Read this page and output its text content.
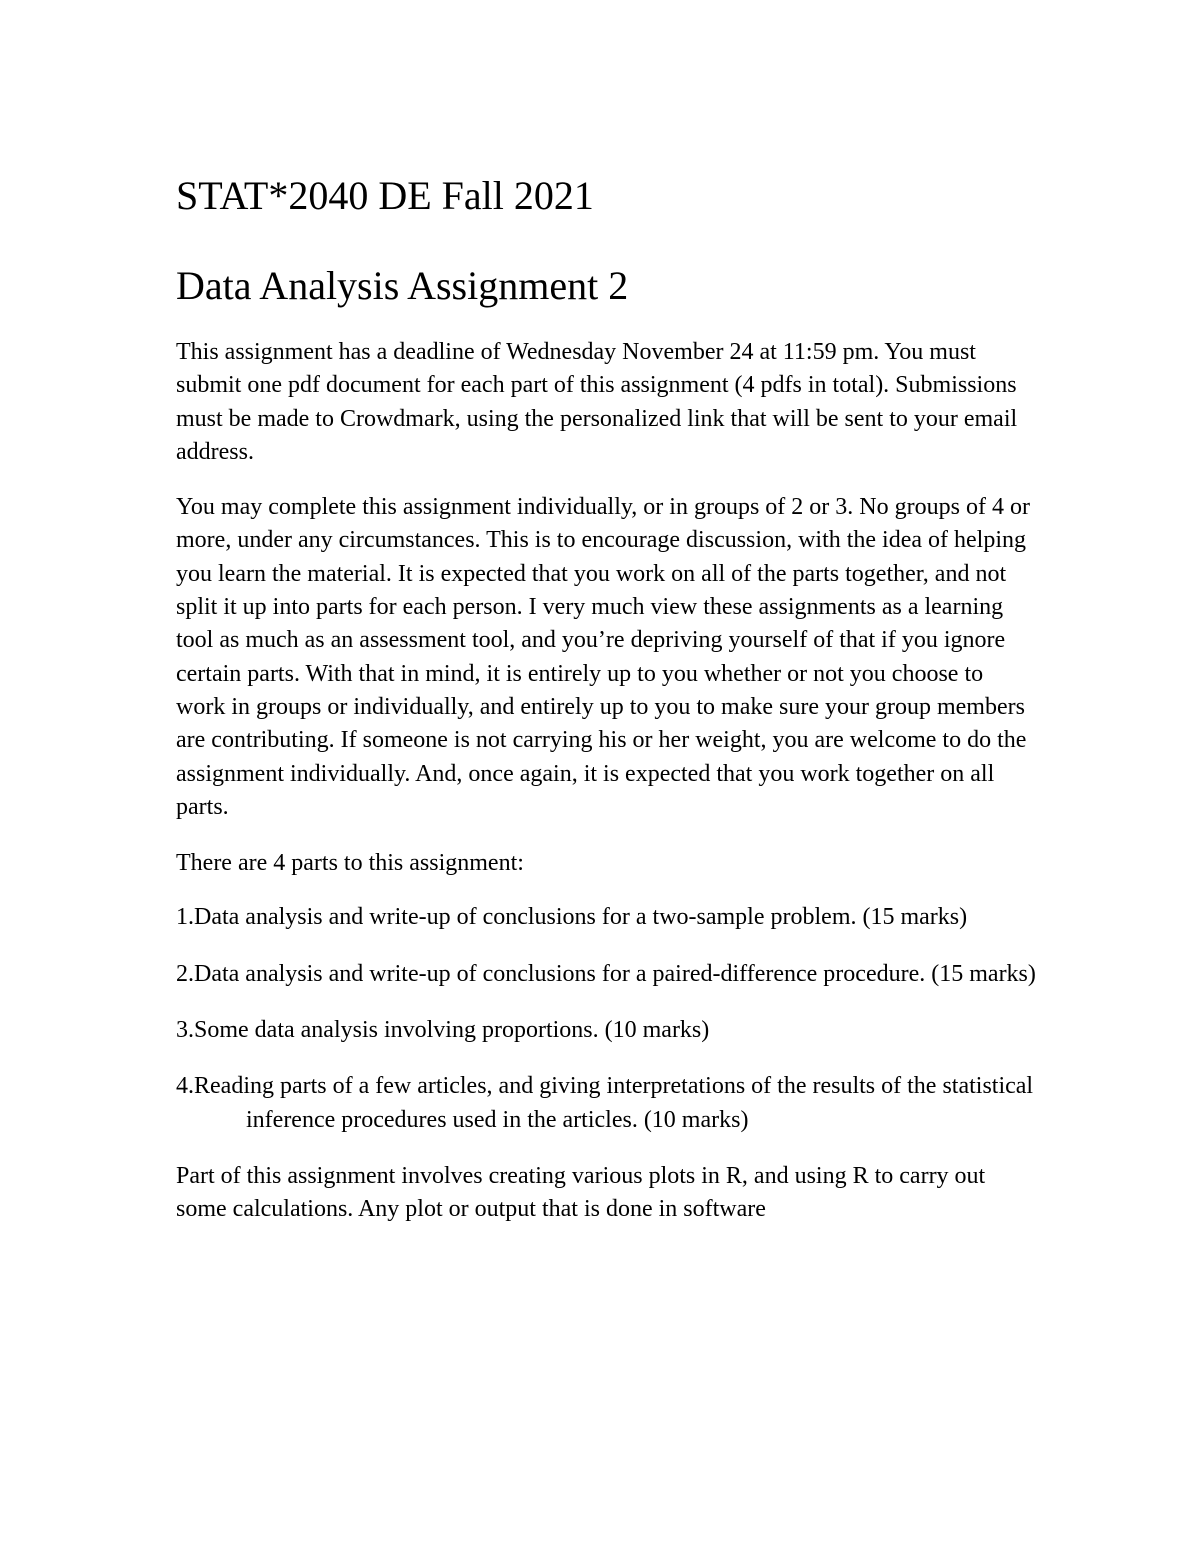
STAT*2040 DE Fall 2021
Data Analysis Assignment 2

This assignment has a deadline of Wednesday November 24 at 11:59 pm. You must submit one pdf document for each part of this assignment (4 pdfs in total). Submissions must be made to Crowdmark, using the personalized link that will be sent to your email address.

You may complete this assignment individually, or in groups of 2 or 3. No groups of 4 or more, under any circumstances. This is to encourage discussion, with the idea of helping you learn the material. It is expected that you work on all of the parts together, and not split it up into parts for each person. I very much view these assignments as a learning tool as much as an assessment tool, and you’re depriving yourself of that if you ignore certain parts. With that in mind, it is entirely up to you whether or not you choose to work in groups or individually, and entirely up to you to make sure your group members are contributing. If someone is not carrying his or her weight, you are welcome to do the assignment individually. And, once again, it is expected that you work together on all parts.

There are 4 parts to this assignment:

1.Data analysis and write-up of conclusions for a two-sample problem. (15 marks)
2.Data analysis and write-up of conclusions for a paired-difference procedure. (15 marks)
3.Some data analysis involving proportions. (10 marks)
4.Reading parts of a few articles, and giving interpretations of the results of the statistical inference procedures used in the articles. (10 marks)

Part of this assignment involves creating various plots in R, and using R to carry out some calculations. Any plot or output that is done in software
